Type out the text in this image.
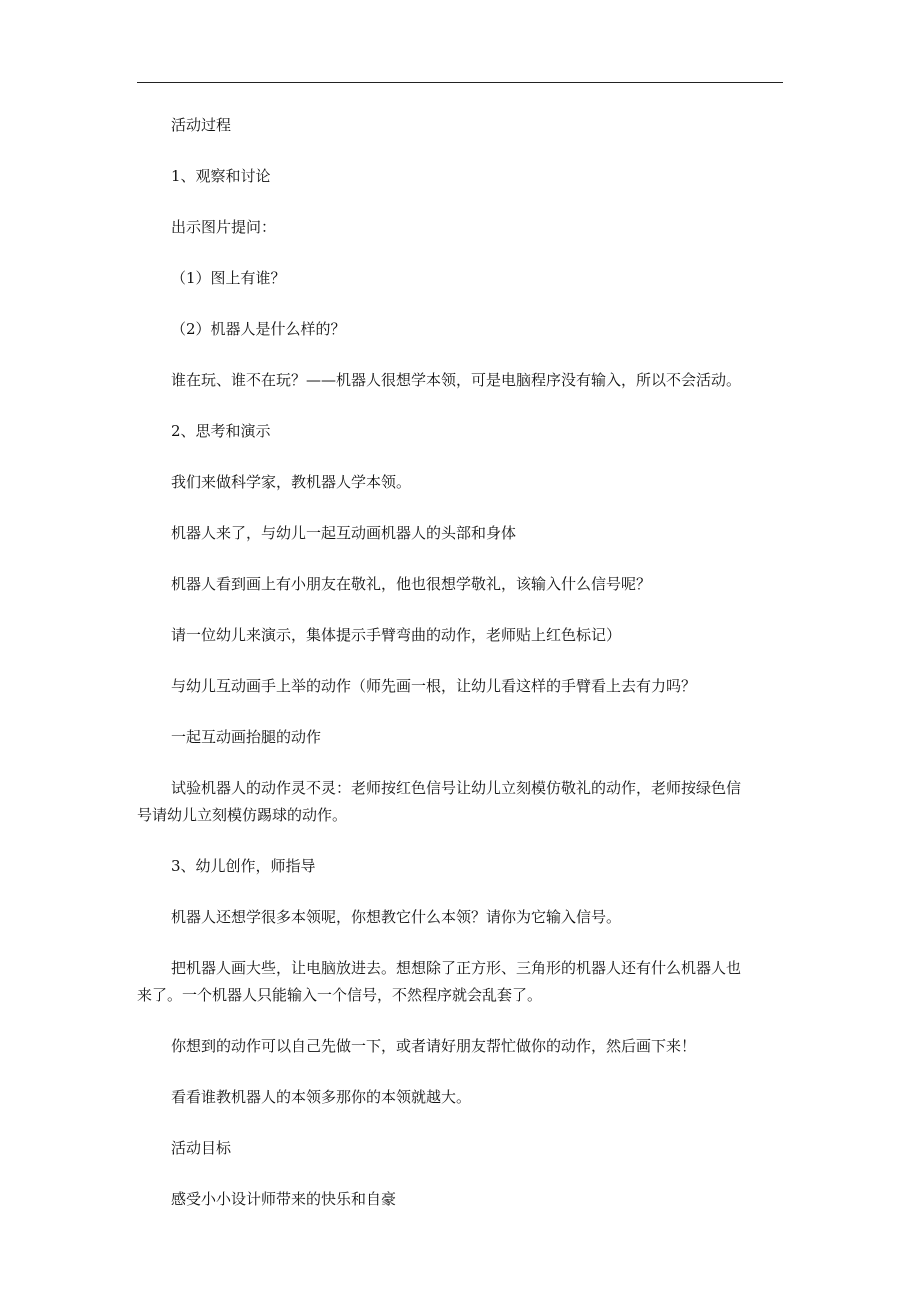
活动过程

1、观察和讨论

出示图片提问：

（1）图上有谁？

（2）机器人是什么样的？

谁在玩、谁不在玩？——机器人很想学本领，可是电脑程序没有输入，所以不会活动。

2、思考和演示

我们来做科学家，教机器人学本领。

机器人来了，与幼儿一起互动画机器人的头部和身体

机器人看到画上有小朋友在敬礼，他也很想学敬礼，该输入什么信号呢？

请一位幼儿来演示，集体提示手臂弯曲的动作，老师贴上红色标记）

与幼儿互动画手上举的动作（师先画一根，让幼儿看这样的手臂看上去有力吗？

一起互动画抬腿的动作

试验机器人的动作灵不灵：老师按红色信号让幼儿立刻模仿敬礼的动作，老师按绿色信号请幼儿立刻模仿踢球的动作。

3、幼儿创作，师指导

机器人还想学很多本领呢，你想教它什么本领？请你为它输入信号。

把机器人画大些，让电脑放进去。想想除了正方形、三角形的机器人还有什么机器人也来了。一个机器人只能输入一个信号，不然程序就会乱套了。

你想到的动作可以自己先做一下，或者请好朋友帮忙做你的动作，然后画下来！

看看谁教机器人的本领多那你的本领就越大。

活动目标

感受小小设计师带来的快乐和自豪
